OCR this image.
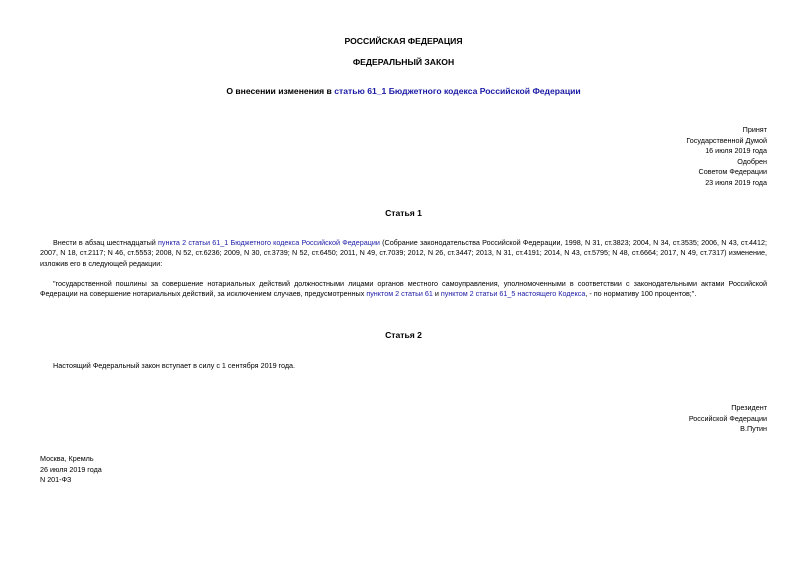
РОССИЙСКАЯ ФЕДЕРАЦИЯ
ФЕДЕРАЛЬНЫЙ ЗАКОН
О внесении изменения в статью 61_1 Бюджетного кодекса Российской Федерации
Принят
Государственной Думой
16 июля 2019 года
Одобрен
Советом Федерации
23 июля 2019 года
Статья 1
Внести в абзац шестнадцатый пункта 2 статьи 61_1 Бюджетного кодекса Российской Федерации (Собрание законодательства Российской Федерации, 1998, N 31, ст.3823; 2004, N 34, ст.3535; 2006, N 43, ст.4412; 2007, N 18, ст.2117; N 46, ст.5553; 2008, N 52, ст.6236; 2009, N 30, ст.3739; N 52, ст.6450; 2011, N 49, ст.7039; 2012, N 26, ст.3447; 2013, N 31, ст.4191; 2014, N 43, ст.5795; N 48, ст.6664; 2017, N 49, ст.7317) изменение, изложив его в следующей редакции:
"государственной пошлины за совершение нотариальных действий должностными лицами органов местного самоуправления, уполномоченными в соответствии с законодательными актами Российской Федерации на совершение нотариальных действий, за исключением случаев, предусмотренных пунктом 2 статьи 61 и пунктом 2 статьи 61_5 настоящего Кодекса, - по нормативу 100 процентов;".
Статья 2
Настоящий Федеральный закон вступает в силу с 1 сентября 2019 года.
Президент
Российской Федерации
В.Путин
Москва, Кремль
26 июля 2019 года
N 201-ФЗ
